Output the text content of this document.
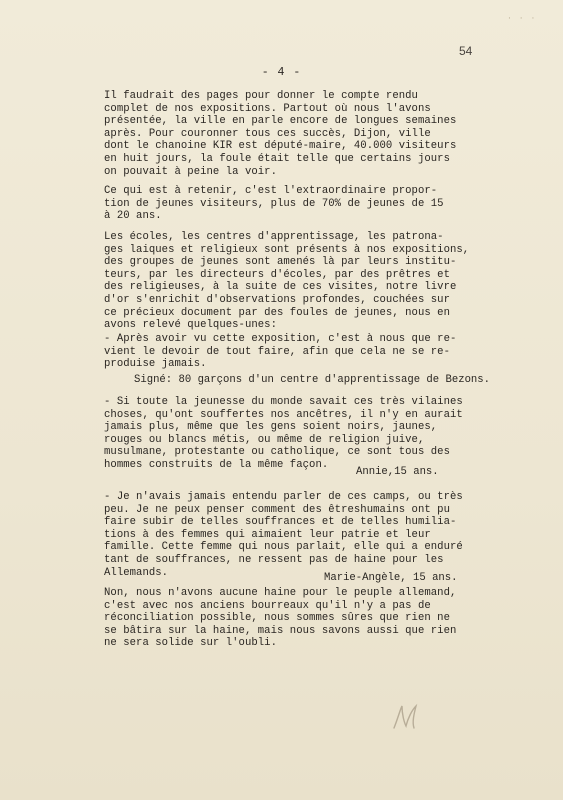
· · ·
54
- 4 -
Il faudrait des pages pour donner le compte rendu
complet de nos expositions. Partout où nous l'avons
présentée, la ville en parle encore de longues semaines
après. Pour couronner tous ces succès, Dijon, ville
dont le chanoine KIR est député-maire, 40.000 visiteurs
en huit jours, la foule était telle que certains jours
on pouvait à peine la voir.
Ce qui est à retenir, c'est l'extraordinaire propor-
tion de jeunes visiteurs, plus de 70% de jeunes de 15
à 20 ans.
Les écoles, les centres d'apprentissage, les patrona-
ges laiques et religieux sont présents à nos expositions,
des groupes de jeunes sont amenés là par leurs institu-
teurs, par les directeurs d'écoles, par des prêtres et
des religieuses, à la suite de ces visites, notre livre
d'or s'enrichit d'observations profondes, couchées sur
ce précieux document par des foules de jeunes, nous en
avons relevé quelques-unes:
- Après avoir vu cette exposition, c'est à nous que re-
vient le devoir de tout faire, afin que cela ne se re-
produise jamais.
- Si toute la jeunesse du monde savait ces très vilaines
choses, qu'ont souffertes nos ancêtres, il n'y en aurait
jamais plus, même que les gens soient noirs, jaunes,
rouges ou blancs métis, ou même de religion juive,
musulmane, protestante ou catholique, ce sont tous des
hommes construits de la même façon.
- Je n'avais jamais entendu parler de ces camps, ou très
peu. Je ne peux penser comment des êtreshumains ont pu
faire subir de telles souffrances et de telles humilia-
tions à des femmes qui aimaient leur patrie et leur
famille. Cette femme qui nous parlait, elle qui a enduré
tant de souffrances, ne ressent pas de haine pour les
Allemands.
Non, nous n'avons aucune haine pour le peuple allemand,
c'est avec nos anciens bourreaux qu'il n'y a pas de
réconciliation possible, nous sommes sûres que rien ne
se bâtira sur la haine, mais nous savons aussi que rien
ne sera solide sur l'oubli.
Signé: 80 garçons d'un centre d'apprentissage de Bezons.
Annie,15 ans.
Marie-Angèle, 15 ans.
